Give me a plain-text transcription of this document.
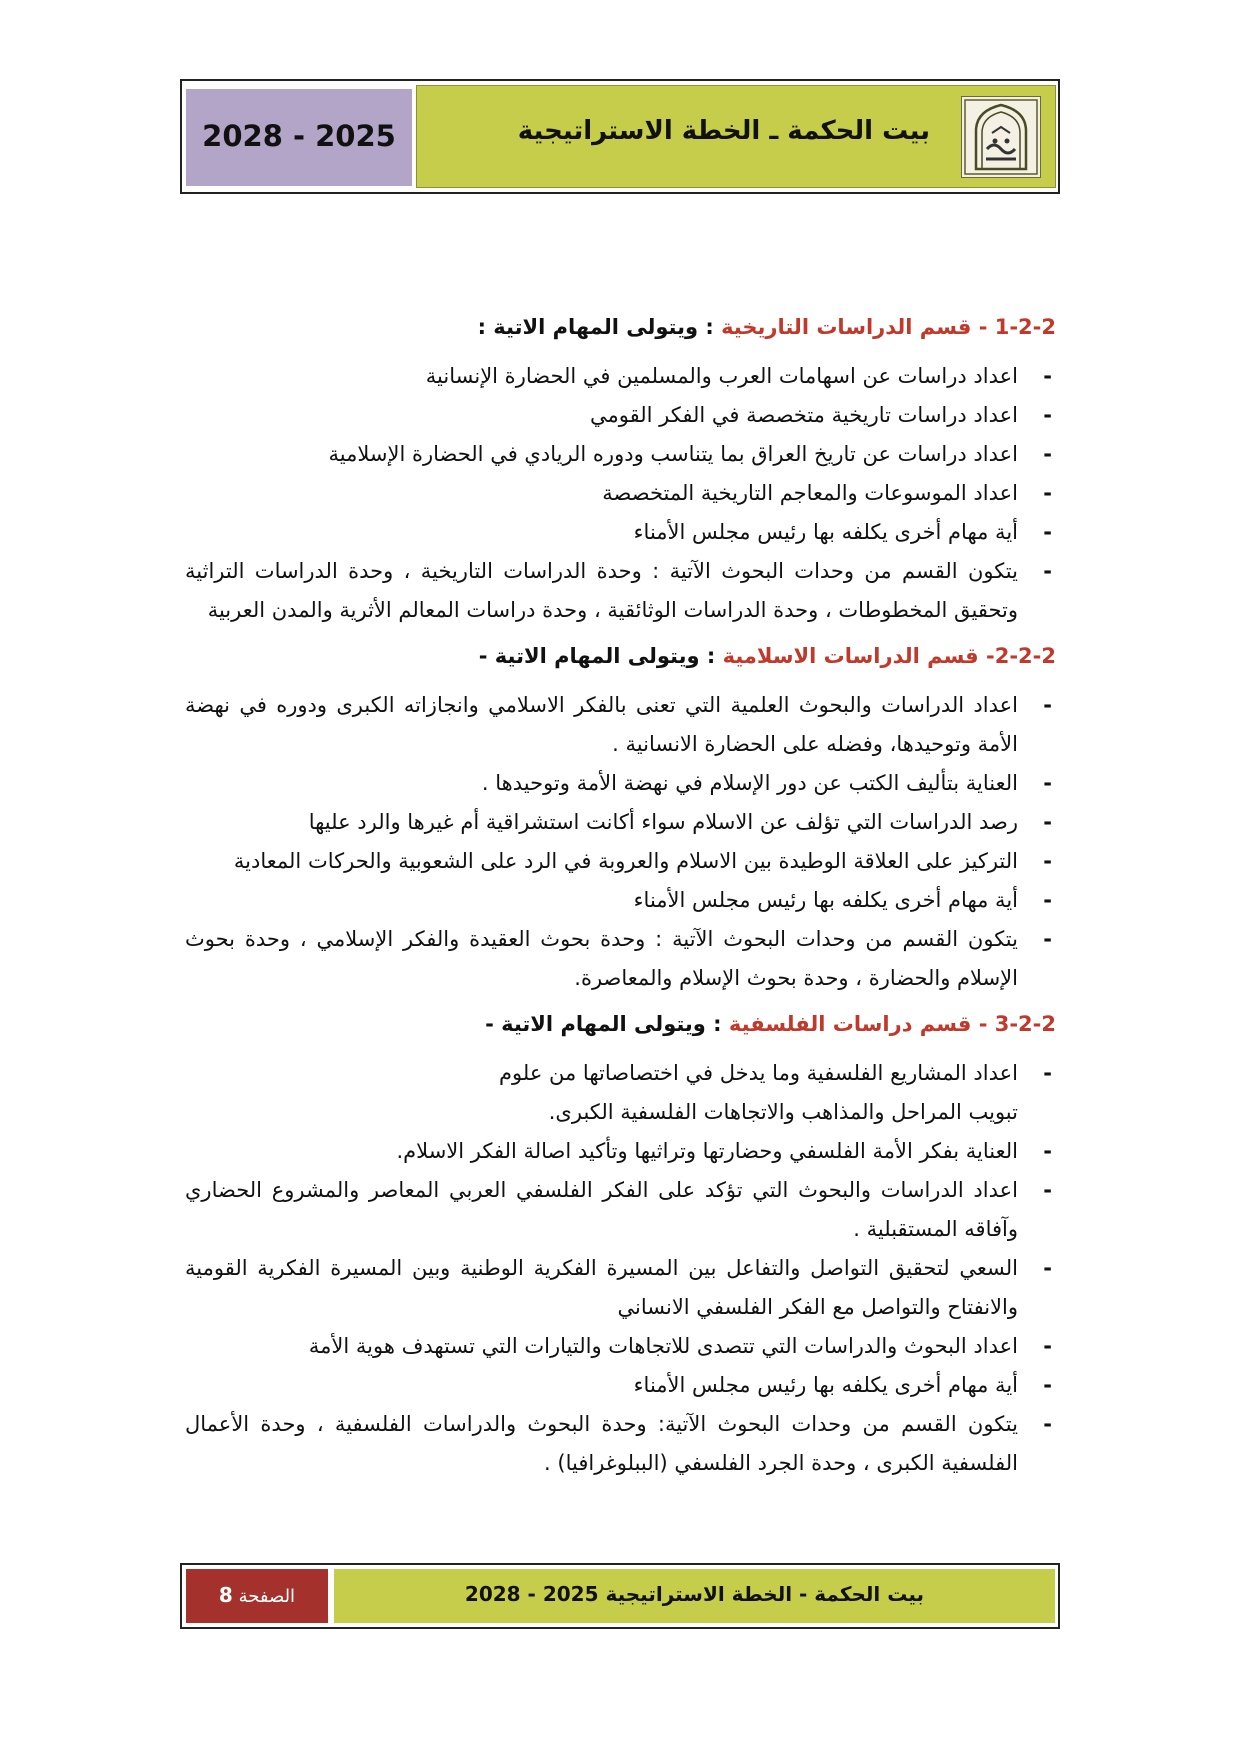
بيت الحكمة ـ الخطة الاستراتيجية
2028 - 2025

1-2-2 - قسم الدراسات التاريخية : ويتولى المهام الاتية :

- اعداد دراسات عن اسهامات العرب والمسلمين في الحضارة الإنسانية
- اعداد دراسات تاريخية متخصصة في الفكر القومي
- اعداد دراسات عن تاريخ العراق بما يتناسب ودوره الريادي في الحضارة الإسلامية
- اعداد الموسوعات والمعاجم التاريخية المتخصصة
- أية مهام أخرى يكلفه بها رئيس مجلس الأمناء
- يتكون القسم من وحدات البحوث الآتية : وحدة الدراسات التاريخية ، وحدة الدراسات التراثية وتحقيق المخطوطات ، وحدة الدراسات الوثائقية ، وحدة دراسات المعالم الأثرية والمدن العربية

2-2-2- قسم الدراسات الاسلامية : ويتولى المهام الاتية -

- اعداد الدراسات والبحوث العلمية التي تعنى بالفكر الاسلامي وانجازاته الكبرى ودوره في نهضة الأمة وتوحيدها، وفضله على الحضارة الانسانية .
- العناية بتأليف الكتب عن دور الإسلام في نهضة الأمة وتوحيدها .
- رصد الدراسات التي تؤلف عن الاسلام سواء أكانت استشراقية أم غيرها والرد عليها
- التركيز على العلاقة الوطيدة بين الاسلام والعروبة في الرد على الشعوبية والحركات المعادية
- أية مهام أخرى يكلفه بها رئيس مجلس الأمناء
- يتكون القسم من وحدات البحوث الآتية : وحدة بحوث العقيدة والفكر الإسلامي ، وحدة بحوث الإسلام والحضارة ، وحدة بحوث الإسلام والمعاصرة.

3-2-2 - قسم دراسات الفلسفية : ويتولى المهام الاتية -

- اعداد المشاريع الفلسفية وما يدخل في اختصاصاتها من علوم
تبويب المراحل والمذاهب والاتجاهات الفلسفية الكبرى.
- العناية بفكر الأمة الفلسفي وحضارتها وتراثيها وتأكيد اصالة الفكر الاسلام.
- اعداد الدراسات والبحوث التي تؤكد على الفكر الفلسفي العربي المعاصر والمشروع الحضاري وآفاقه المستقبلية .
- السعي لتحقيق التواصل والتفاعل بين المسيرة الفكرية الوطنية وبين المسيرة الفكرية القومية والانفتاح والتواصل مع الفكر الفلسفي الانساني
- اعداد البحوث والدراسات التي تتصدى للاتجاهات والتيارات التي تستهدف هوية الأمة
- أية مهام أخرى يكلفه بها رئيس مجلس الأمناء
- يتكون القسم من وحدات البحوث الآتية: وحدة البحوث والدراسات الفلسفية ، وحدة الأعمال الفلسفية الكبرى ، وحدة الجرد الفلسفي (الببلوغرافيا) .
بيت الحكمة - الخطة الاستراتيجية 2025 - 2028
الصفحة 8
